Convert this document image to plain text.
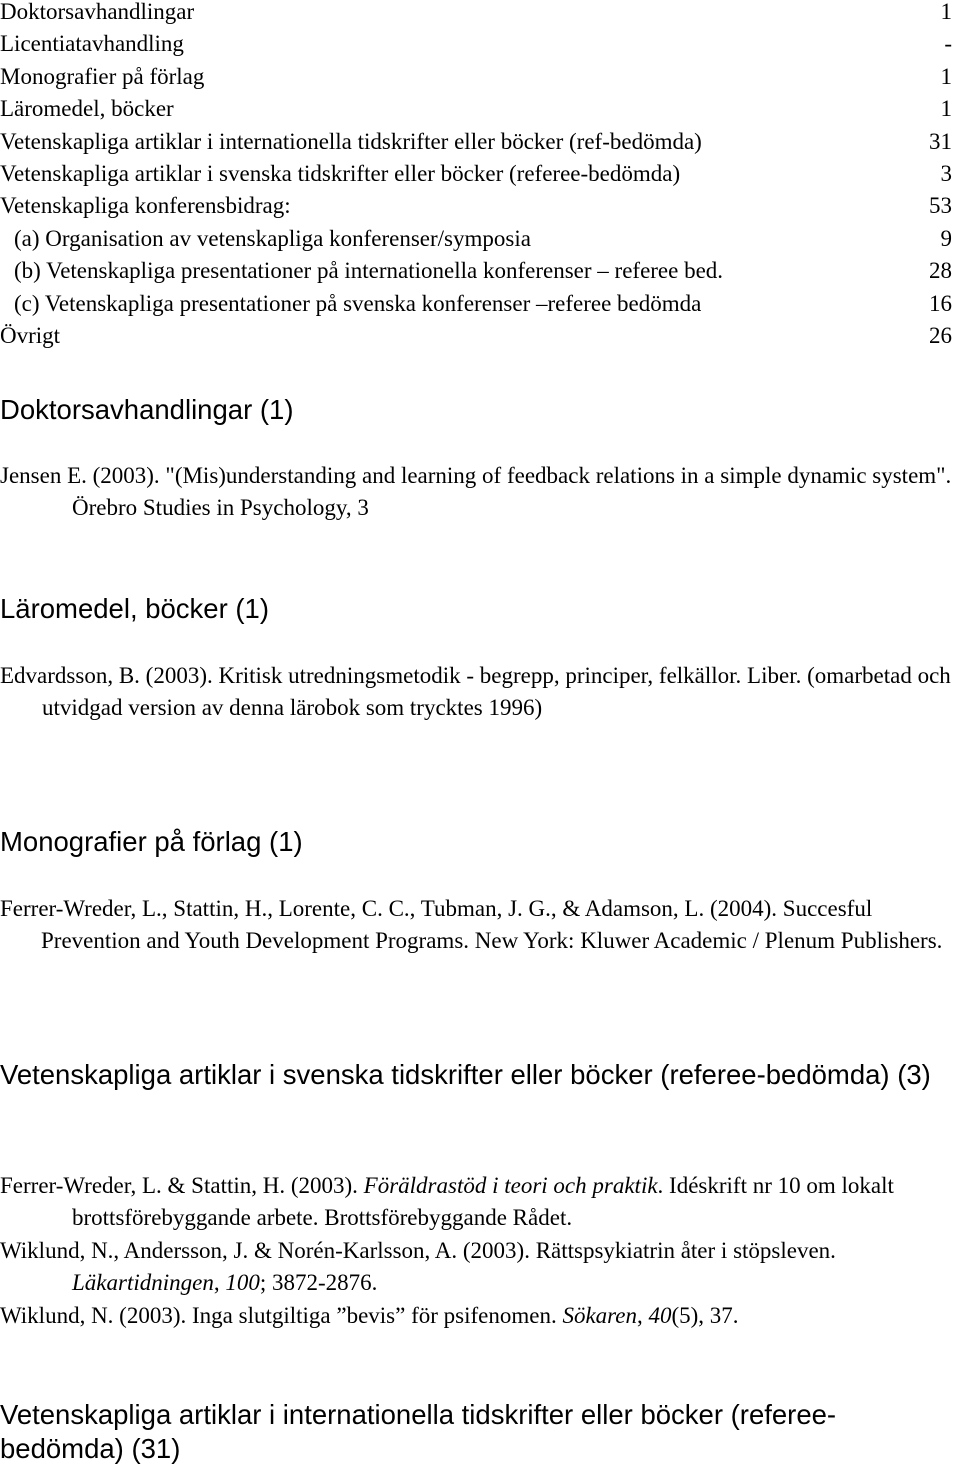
Doktorsavhandlingar	1
Licentiatavhandling	-
Monografier på förlag	1
Läromedel, böcker	1
Vetenskapliga artiklar i internationella tidskrifter eller böcker (ref-bedömda)	31
Vetenskapliga artiklar i svenska tidskrifter eller böcker (referee-bedömda)	3
Vetenskapliga konferensbidrag:	53
(a) Organisation av vetenskapliga konferenser/symposia	9
(b) Vetenskapliga presentationer på internationella konferenser – referee bed.	28
(c) Vetenskapliga presentationer på svenska konferenser –referee bedömda	16
Övrigt	26
Doktorsavhandlingar (1)

Jensen E. (2003). "(Mis)understanding and learning of feedback relations in a simple dynamic system". Örebro Studies in Psychology, 3

Läromedel, böcker (1)

Edvardsson, B. (2003). Kritisk utredningsmetodik - begrepp, principer, felkällor. Liber. (omarbetad och utvidgad version av denna lärobok som trycktes 1996)

Monografier på förlag (1)

Ferrer-Wreder, L., Stattin, H., Lorente, C. C., Tubman, J. G., & Adamson, L. (2004). Succesful Prevention and Youth Development Programs. New York: Kluwer Academic / Plenum Publishers.

Vetenskapliga artiklar i svenska tidskrifter eller böcker (referee-bedömda) (3)

Ferrer-Wreder, L. & Stattin, H. (2003). Föräldrastöd i teori och praktik. Idéskrift nr 10 om lokalt brottsförebyggande arbete. Brottsförebyggande Rådet.

Wiklund, N., Andersson, J. & Norén-Karlsson, A. (2003). Rättspsykiatrin åter i stöpsleven. Läkartidningen, 100; 3872-2876.

Wiklund, N. (2003). Inga slutgiltiga ”bevis” för psifenomen. Sökaren, 40(5), 37.

Vetenskapliga artiklar i internationella tidskrifter eller böcker (referee-bedömda) (31)
